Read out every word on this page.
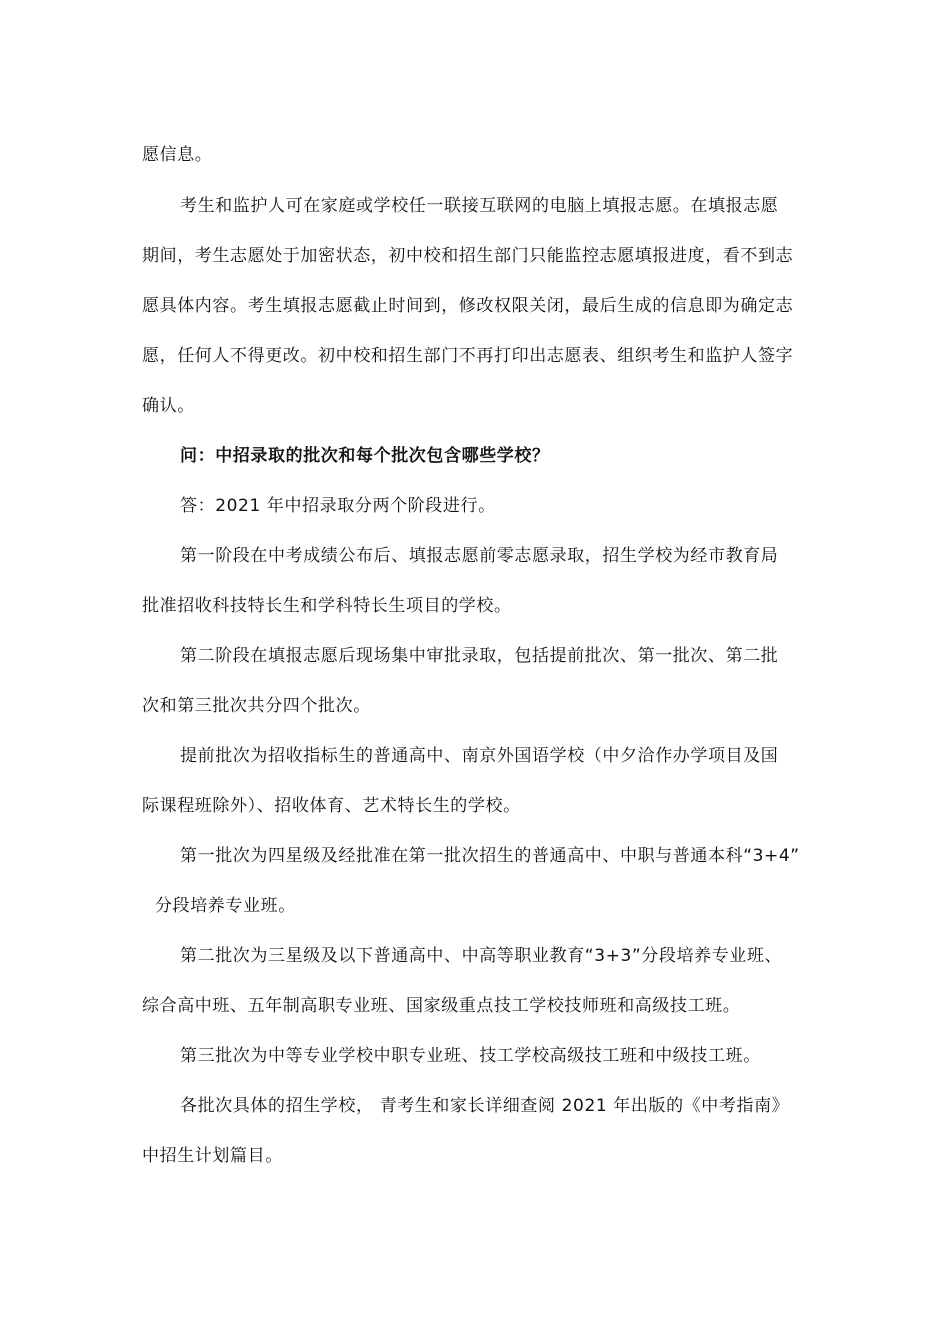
愿信息。
考生和监护人可在家庭或学校任一联接互联网的电脑上填报志愿。在填报志愿
期间，考生志愿处于加密状态，初中校和招生部门只能监控志愿填报进度，看不到志
愿具体内容。考生填报志愿截止时间到，修改权限关闭，最后生成的信息即为确定志
愿，任何人不得更改。初中校和招生部门不再打印出志愿表、组织考生和监护人签字
确认。
问：中招录取的批次和每个批次包含哪些学校？
答：2021 年中招录取分两个阶段进行。
第一阶段在中考成绩公布后、填报志愿前零志愿录取，招生学校为经市教育局
批准招收科技特长生和学科特长生项目的学校。
第二阶段在填报志愿后现场集中审批录取，包括提前批次、第一批次、第二批
次和第三批次共分四个批次。
提前批次为招收指标生的普通高中、南京外国语学校（中夕洽作办学项目及国
际课程班除外）、招收体育、艺术特长生的学校。
第一批次为四星级及经批准在第一批次招生的普通高中、中职与普通本科“3+4”
分段培养专业班。
第二批次为三星级及以下普通高中、中高等职业教育“3+3”分段培养专业班、
综合高中班、五年制高职专业班、国家级重点技工学校技师班和高级技工班。
第三批次为中等专业学校中职专业班、技工学校高级技工班和中级技工班。
各批次具体的招生学校， 青考生和家长详细查阅 2021 年出版的《中考指南》
中招生计划篇目。
